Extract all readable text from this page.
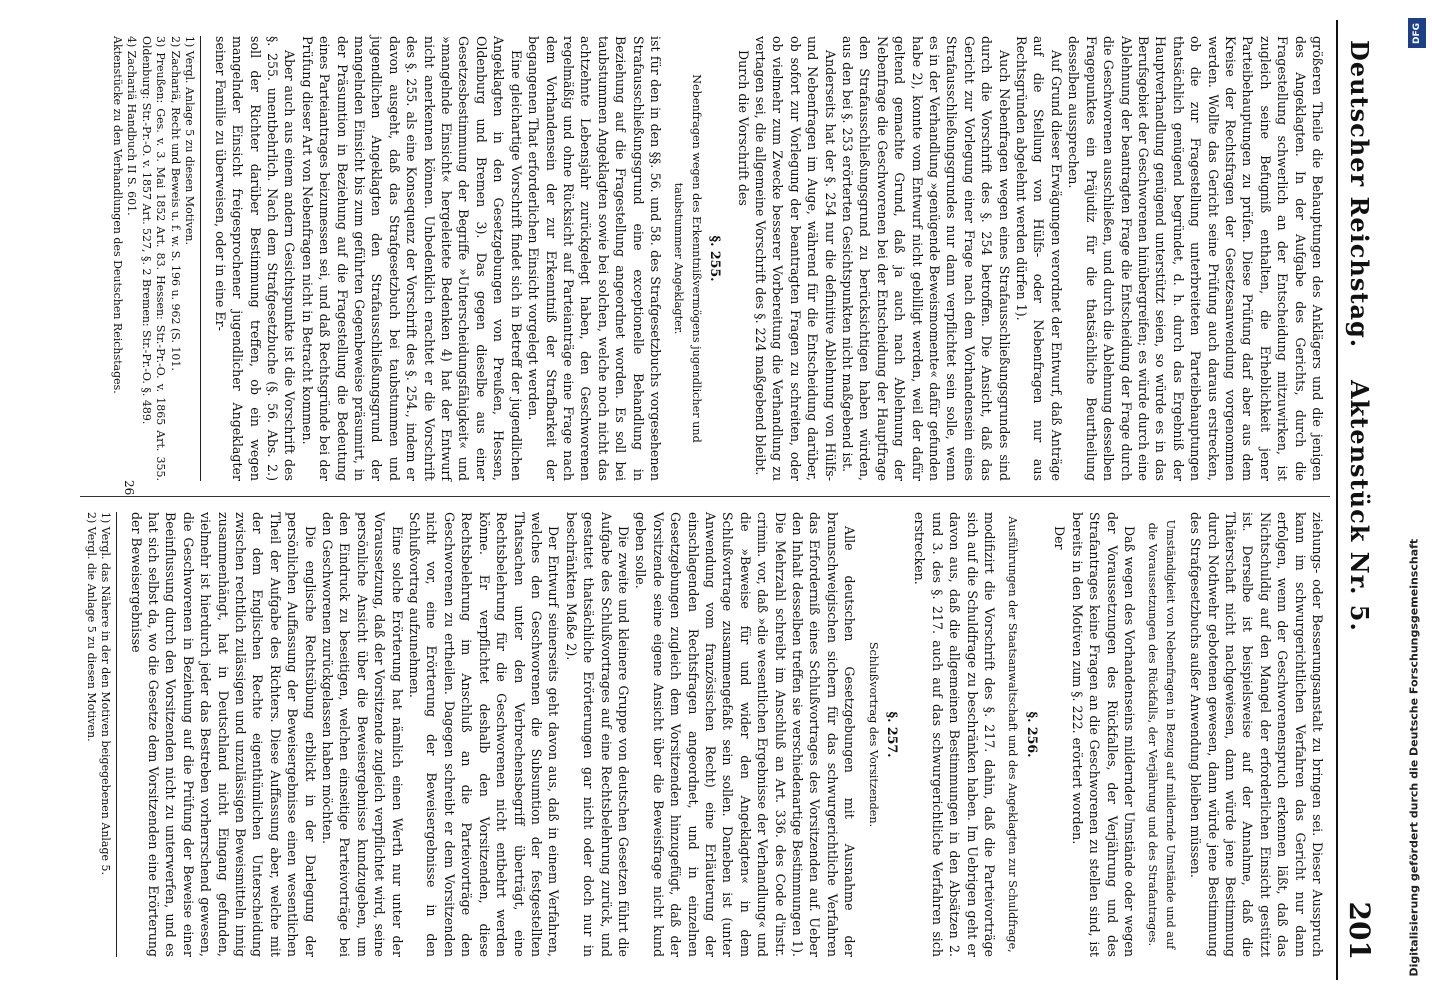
Deutscher Reichstag.
Aktenstück Nr. 5.
201

größeren Theile die Behauptungen des Anklägers und die jenigen des Angeklagten. In der Aufgabe des Gerichts, durch die Fragestellung schwerlich an der Entscheidung mitzuwirken, ist zugleich seine Befugniß enthalten, die Erheblichkeit jener Parteibehauptungen zu prüfen. Diese Prüfung darf aber aus dem Kreise der Rechtsfragen der Gesetzesanwendung vorgenommen werden. Wollte das Gericht seine Prüfung auch daraus erstrecken, ob die zur Fragestellung unterbreiteten Parteibehauptungen thatsächlich genügend begründet, d. h. durch das Ergebniß der Hauptverhandlung genügend unterstützt seien, so würde es in das Berufsgebiet der Geschworenen hinübergreifen; es würde durch eine Ablehnung der beantragten Frage die Entscheidung der Frage durch die Geschworenen ausschließen, und durch die Ablehnung desselben Fragepunktes ein Präjudiz für die thatsächliche Beurtheilung desselben aussprechen.

Auf Grund dieser Erwägungen verordnet der Entwurf, daß Anträge auf die Stellung von Hülfs- oder Nebenfragen nur aus Rechtsgründen abgelehnt werden dürfen 1).

Auch Nebenfragen wegen eines Strafausschließungsgrundes sind durch die Vorschrift des §. 254 betroffen. Die Ansicht, daß das Gericht zur Vorlegung einer Frage nach dem Vorhandensein eines Strafausschließungsgrundes nur dann verpflichtet sein solle, wenn es in der Verhandlung »genügende Beweismomente« dafür gefunden habe 2), konnte vom Entwurf nicht gebilligt werden, weil der dafür geltend gemachte Grund, daß ja auch nach Ablehnung der Nebenfrage die Geschworenen bei der Entscheidung der Hauptfrage den Strafausschließungsgrund zu berücksichtigen haben würden, aus den bei §. 253 erörterten Gesichtspunkten nicht maßgebend ist.

Anderseits hat der §. 254 nur die definitive Ablehnung von Hülfs- und Nebenfragen im Auge, während für die Entscheidung darüber, ob sofort zur Vorlegung der beantragten Fragen zu schreiten, oder ob vielmehr zum Zwecke besserer Vorbereitung die Verhandlung zu vertagen sei, die allgemeine Vorschrift des §. 224 maßgebend bleibt.

Durch die Vorschrift des

§. 255.

Nebenfragen wegen des Erkenntnißvermögens jugendlicher und taubstummer Angeklagter.

ist für den in den §§. 56. und 58. des Strafgesetzbuchs vorgesehenen Strafausschließungsgrund eine exceptionelle Behandlung in Beziehung auf die Fragestellung angeordnet worden. Es soll bei taubstummen Angeklagten sowie bei solchen, welche noch nicht das achtzehnte Lebensjahr zurückgelegt haben, den Geschworenen regelmäßig und ohne Rücksicht auf Parteianträge eine Frage nach dem Vorhandensein der zur Erkenntniß der Strafbarkeit der begangenen That erforderlichen Einsicht vorgelegt werden.

Eine gleichartige Vorschrift findet sich in Betreff der jugendlichen Angeklagten in den Gesetzgebungen von Preußen, Hessen, Oldenburg und Bremen 3). Das gegen dieselbe aus einer Gesetzesbestimmung der Begriffe »Unterscheidungsfähigkeit« und »mangelnde Einsicht« hergeleitete Bedenken 4) hat der Entwurf nicht anerkennen können. Unbedenklich erachtet er die Vorschrift des §. 255. als eine Konsequenz der Vorschrift des §. 254., indem er davon ausgeht, daß das Strafgesetzbuch bei taubstummen und jugendlichen Angeklagten den Strafausschließungsgrund der mangelnden Einsicht bis zum geführten Gegenbeweise präsumirt, in der Präsumtion in Beziehung auf die Fragestellung die Bedeutung eines Parteiantrages beizumessen sei, und daß Rechtsgründe bei der Prüfung dieser Art von Nebenfragen nicht in Betracht kommen.

Aber auch aus einem andern Gesichtspunkte ist die Vorschrift des §. 255. unentbehrlich. Nach dem Strafgesetzbuche (§. 56. Abs. 2.) soll der Richter darüber Bestimmung treffen, ob ein wegen mangelnder Einsicht freigesprochener jugendlicher Angeklagter seiner Familie zu überweisen, oder in eine Er-

1) Vergl. Anlage 5 zu diesen Motiven.

2) Zachariä, Recht und Beweis u. f. w. S. 196 u. 962 (S. 101.

3) Preußen: Ges. v. 3. Mai 1852 Art. 83. Hessen: Str.-Pr.-O. v. 1865 Art. 355. Oldenburg: Str.-Pr.-O. v. 1857 Art. 527, §. 2 Bremen: Str.-Pr.-O. §. 489.

4) Zachariä Handbuch II S. 601.

Aktenstücke zu den Verhandlungen des Deutschen Reichstages.

ziehungs- oder Besserungsanstalt zu bringen sei. Dieser Ausspruch kann im schwurgerichtlichen Verfahren das Gericht nur dann erfolgen, wenn der Geschworenenspruch erkennen läßt, daß das Nichtschuldig auf den Mangel der erforderlichen Einsicht gestützt ist. Derselbe ist beispielsweise auf der Annahme, daß die Thäterschaft nicht nachgewiesen, dann würde jene Bestimmung durch Nothwehr gebotenen gewesen, dann würde jene Bestimmung des Strafgesetzbuchs außer Anwendung bleiben müssen.

Umständigkeit von Nebenfragen in Bezug auf mildernde Umstände und auf die Voraussetzungen des Rückfalls, der Verjährung und des Strafantrages.

Daß wegen des Vorhandenseins mildernder Umstände oder wegen der Voraussetzungen des Rückfalles, der Verjährung und des Strafantrages keine Fragen an die Geschworenen zu stellen sind, ist bereits in den Motiven zum §. 222. erörtert worden.

Der

§. 256.

Ausführungen der Staatsanwaltschaft und des Angeklagten zur Schuldfrage,

modifizirt die Vorschrift des §. 217. dahin, daß die Parteivorträge sich auf die Schuldfrage zu beschränken haben. Im Uebrigen geht er davon aus, daß die allgemeinen Bestimmungen in den Absätzen 2. und 3. des §. 217. auch auf das schwurgerichtliche Verfahren sich erstrecken.

§. 257.

Schlußvortrag des Vorsitzenden.

Alle deutschen Gesetzgebungen mit Ausnahme der braunschweigischen sichern für das schwurgerichtliche Verfahren das Erforderniß eines Schlußvortrages des Vorsitzenden auf. Ueber den Inhalt desselben treffen sie verschiedenartige Bestimmungen 1). Die Mehrzahl schreibt im Anschluß an Art. 336. des Code d'instr. crimin. vor, daß »die wesentlichen Ergebnisse der Verhandlung« und die »Beweise für und wider den Angeklagten« in dem Schlußvortrage zusammengefaßt sein sollen. Daneben ist (unter Anwendung vom französischen Recht) eine Erläuterung der einschlagenden Rechtsfragen angeordnet, und in einzelnen Gesetzgebungen zugleich dem Vorsitzenden hinzugefügt, daß der Vorsitzende seine eigene Ansicht über die Beweisfrage nicht kund geben solle.

Die zweite und kleinere Gruppe von deutschen Gesetzen führt die Aufgabe des Schlußvortrages auf eine Rechtsbelehrung zurück, und gestattet thatsächliche Erörterungen gar nicht oder doch nur in beschränkten Maße 2).

Der Entwurf seinerseits geht davon aus, daß in einem Verfahren, welches den Geschworenen die Subsumtion der festgestellten Thatsachen unter den Verbrechensbegriff überträgt, eine Rechtsbelehrung für die Geschworenen nicht entbehrt werden könne. Er verpflichtet deshalb den Vorsitzenden, diese Rechtsbelehrung im Anschluß an die Parteivorträge den Geschworenen zu ertheilen. Dagegen schreibt er dem Vorsitzenden nicht vor, eine Erörterung der Beweisergebnisse in den Schlußvortrag aufzunehmen.

Eine solche Erörterung hat nämlich einen Werth nur unter der Voraussetzung, daß der Vorsitzende zugleich verpflichtet wird, seine persönliche Ansicht über die Beweisergebnisse kundzugeben, um den Eindruck zu beseitigen, welchen einseitige Parteivorträge bei den Geschworenen zurückgelassen haben möchten.

Die englische Rechtsübung erblickt in der Darlegung der persönlichen Auffassung der Beweisergebnisse einen wesentlichen Theil der Aufgabe des Richters. Diese Auffassung aber, welche mit der dem Englischen Rechte eigenthümlichen Unterscheidung zwischen rechtlich zulässigen und unzulässigen Beweismitteln innig zusammenhängt, hat in Deutschland nicht Eingang gefunden, vielmehr ist hierdurch jeder das Bestreben vorherrschend gewesen, die Geschworenen in Beziehung auf die Prüfung der Beweise einer Beeinflussung durch den Vorsitzenden nicht zu unterwerfen, und es hat sich selbst da, wo die Gesetze dem Vorsitzenden eine Erörterung der Beweisergebnisse

1) Vergl. das Nähere in der den Motiven beigegebenen Anlage 5.

2) Vergl. die Anlage 5 zu diesen Motiven.

26
DFG
Digitalisierung gefördert durch die Deutsche Forschungsgemeinschaft
